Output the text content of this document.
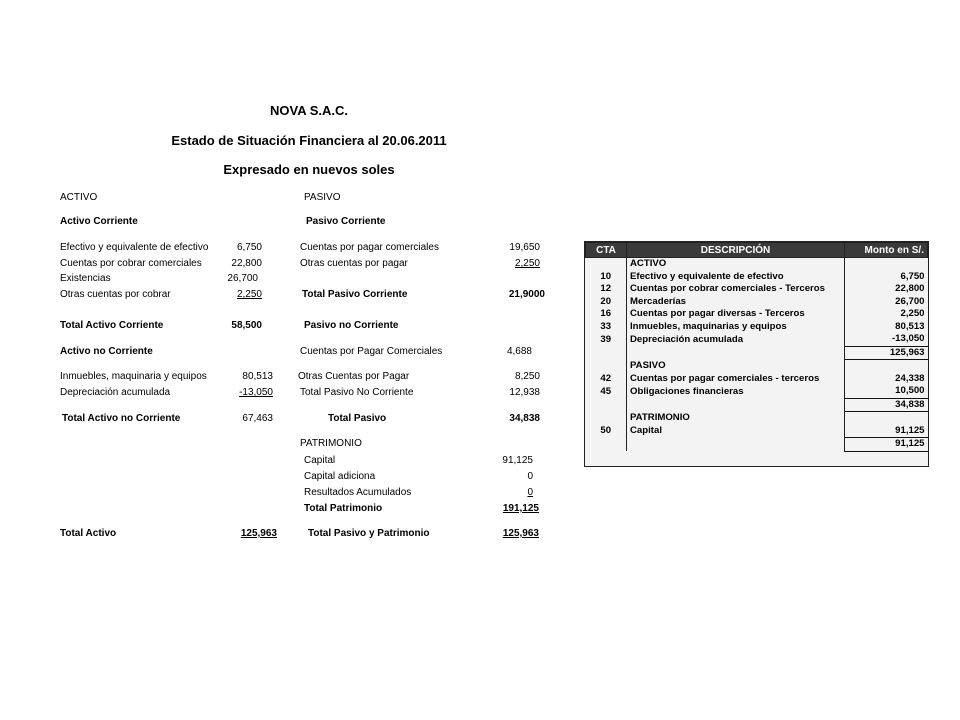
NOVA S.A.C.
Estado de Situación Financiera al 20.06.2011
Expresado en nuevos soles
ACTIVO
Activo Corriente
Efectivo y equivalente de efectivo	6,750
Cuentas por cobrar comerciales	22,800
Existencias	26,700
Otras cuentas por cobrar	2,250
Total Activo Corriente	58,500
Activo no Corriente
Inmuebles, maquinaria y equipos	80,513
Depreciación acumulada	-13,050
Total Activo no Corriente	67,463
Total Activo	125,963
PASIVO
Pasivo Corriente
Cuentas por pagar comerciales	19,650
Otras cuentas por pagar	2,250
Total Pasivo Corriente	21,9000
Pasivo no Corriente
Cuentas por Pagar Comerciales	4,688
Otras Cuentas por Pagar	8,250
Total Pasivo No Corriente	12,938
Total Pasivo	34,838
PATRIMONIO
Capital	91,125
Capital adiciona	0
Resultados Acumulados	0
Total Patrimonio	191,125
Total Pasivo y Patrimonio	125,963
CTA	DESCRIPCIÓN	Monto en S/.
	ACTIVO	
10	Efectivo y equivalente de efectivo	6,750
12	Cuentas por cobrar comerciales - Terceros	22,800
20	Mercaderías	26,700
16	Cuentas por pagar diversas - Terceros	2,250
33	Inmuebles, maquinarias y equipos	80,513
39	Depreciación acumulada	-13,050
		125,963
	PASIVO	
42	Cuentas por pagar comerciales - terceros	24,338
45	Obligaciones financieras	10,500
		34,838
	PATRIMONIO	
50	Capital	91,125
		91,125
